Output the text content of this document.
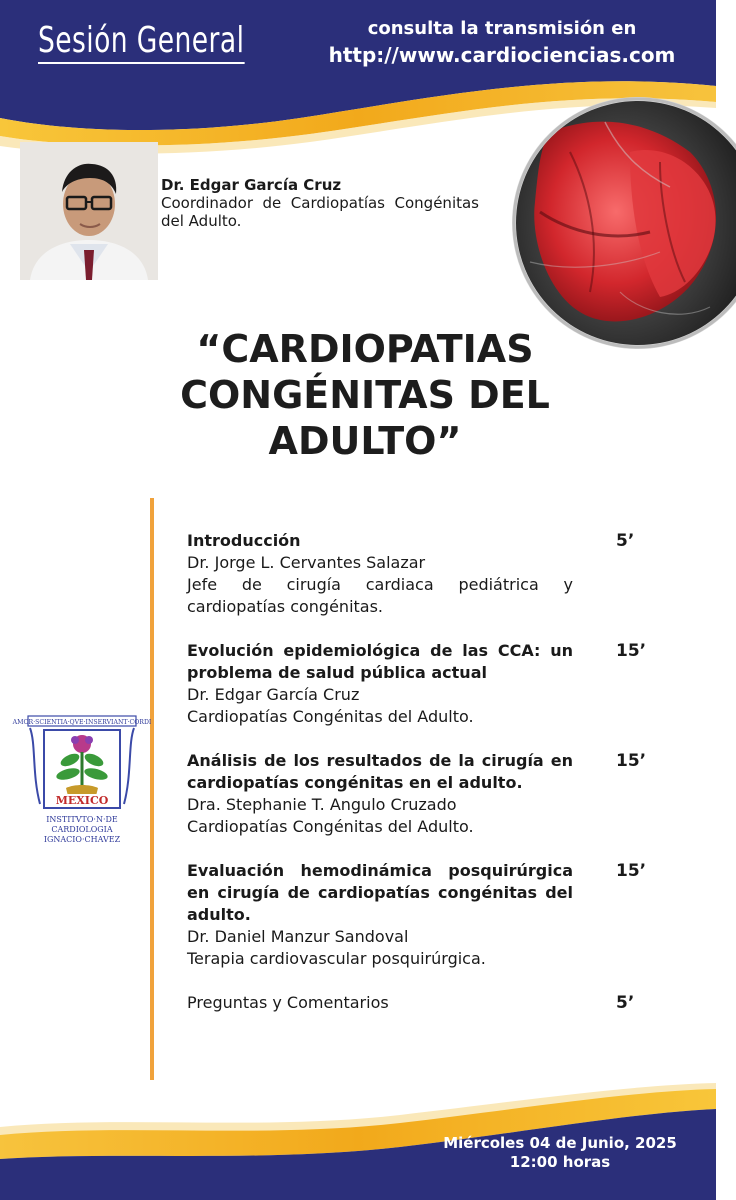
Sesión General	consulta la transmisión en
http://www.cardiociencias.com
Dr. Edgar García Cruz
Coordinador de Cardiopatías Congénitas del Adulto.
“CARDIOPATIAS
CONGÉNITAS DEL
ADULTO”
AMOR·SCIENTIA·QVE·INSERVIANT·CORDI
MEXICO
INSTITVTO·N·DE
CARDIOLOGIA
IGNACIO·CHAVEZ
Introducción
Dr. Jorge L. Cervantes Salazar
Jefe de cirugía cardiaca pediátrica y cardiopatías congénitas.
5’
Evolución epidemiológica de las CCA: un problema de salud pública actual
Dr. Edgar García Cruz
Cardiopatías Congénitas del Adulto.
15’
Análisis de los resultados de la cirugía en cardiopatías congénitas en el adulto.
Dra. Stephanie T. Angulo Cruzado
Cardiopatías Congénitas del Adulto.
15’
Evaluación hemodinámica posquirúrgica en cirugía de cardiopatías congénitas del adulto.
Dr. Daniel Manzur Sandoval
Terapia cardiovascular posquirúrgica.
15’
Preguntas y Comentarios	5’
Miércoles 04 de Junio, 2025
12:00 horas
